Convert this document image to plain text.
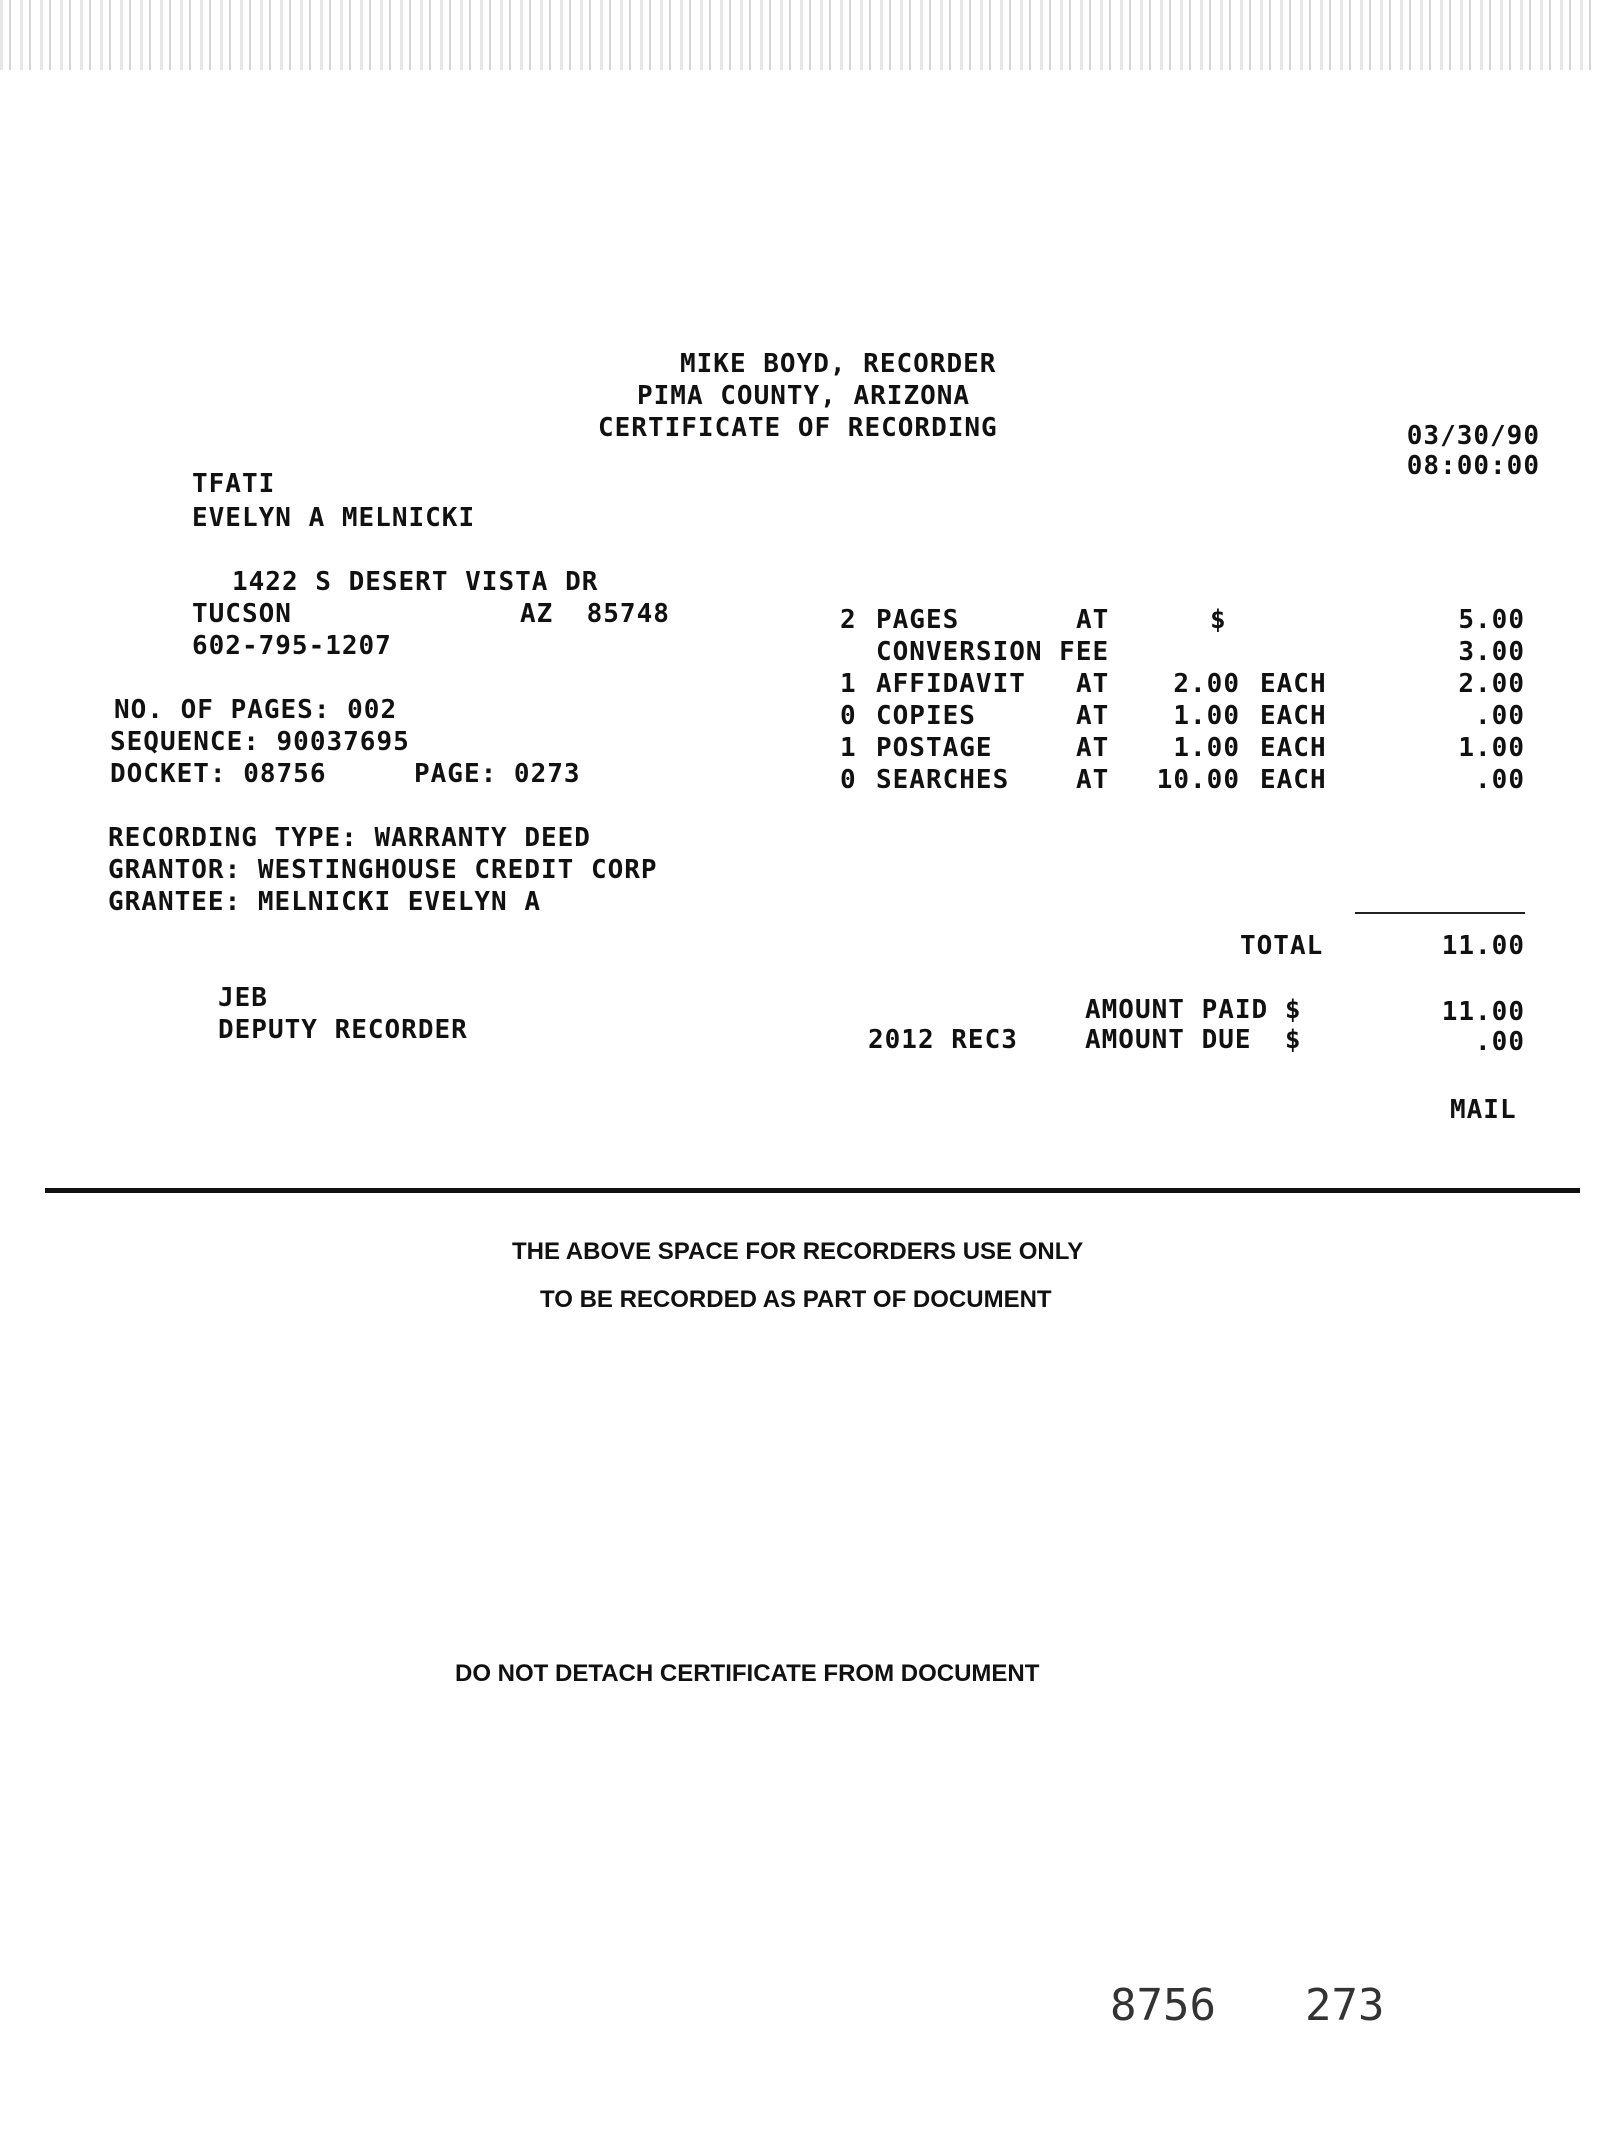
MIKE BOYD, RECORDER
PIMA COUNTY, ARIZONA
CERTIFICATE OF RECORDING	03/30/90
08:00:00
TFATI
EVELYN A MELNICKI
1422 S DESERT VISTA DR
TUCSON	AZ  85748
602-795-1207
NO. OF PAGES: 002
SEQUENCE: 90037695
DOCKET: 08756	PAGE: 0273
RECORDING TYPE: WARRANTY DEED
GRANTOR: WESTINGHOUSE CREDIT CORP
GRANTEE: MELNICKI EVELYN A
2 PAGES	AT	$	5.00
CONVERSION FEE	3.00
1 AFFIDAVIT AT	2.00 EACH	2.00
0 COPIES	AT	1.00 EACH	.00
1 POSTAGE	AT	1.00 EACH	1.00
0 SEARCHES	AT	10.00 EACH	.00
TOTAL	11.00
JEB
DEPUTY RECORDER
AMOUNT PAID $	11.00
2012 REC3	AMOUNT DUE  $	.00
MAIL
THE ABOVE SPACE FOR RECORDERS USE ONLY
TO BE RECORDED AS PART OF DOCUMENT
DO NOT DETACH CERTIFICATE FROM DOCUMENT
8756 273
